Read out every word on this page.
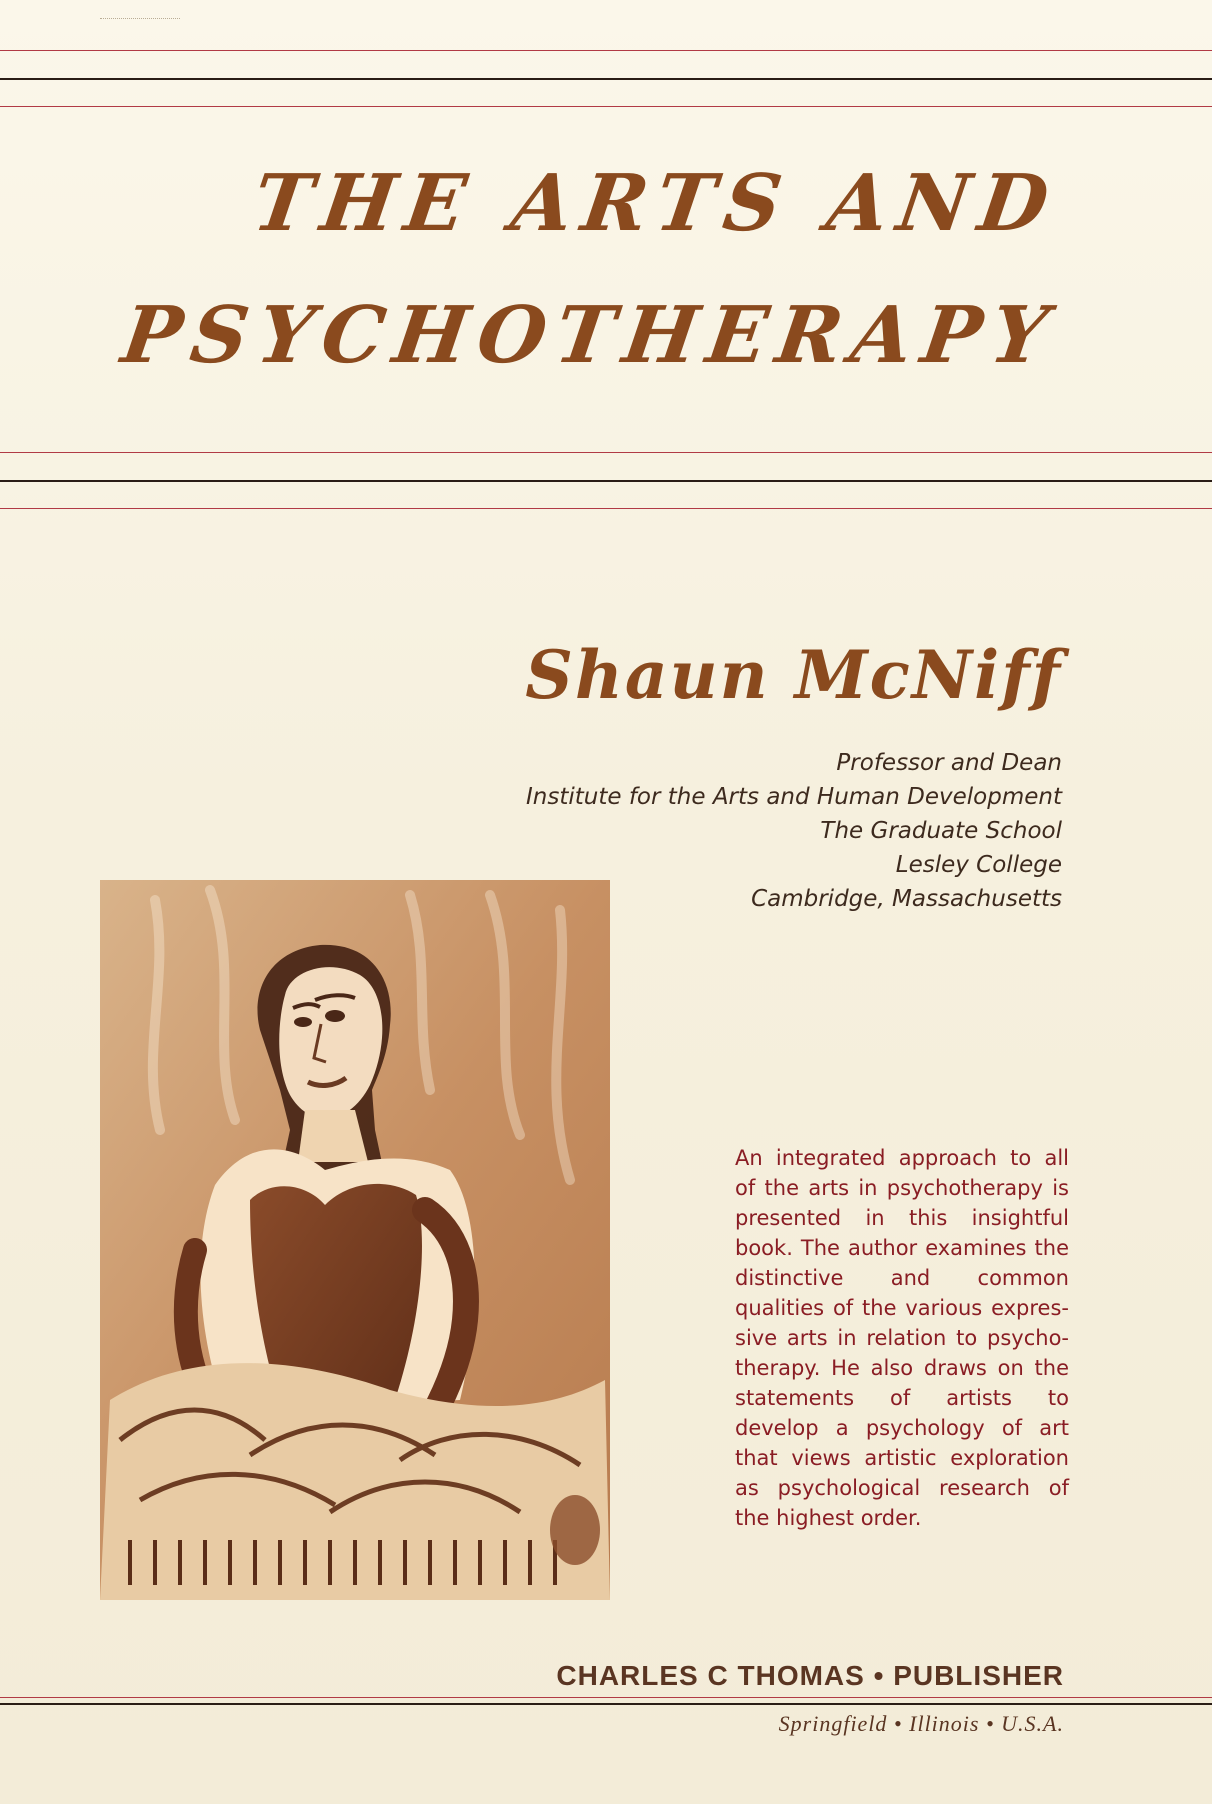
THE ARTS AND
PSYCHOTHERAPY
Shaun McNiff
Professor and Dean
Institute for the Arts and Human Development
The Graduate School
Lesley College
Cambridge, Massachusetts

An integrated approach to all of the arts in psychotherapy is presented in this insightful book. The author examines the distinctive and common qualities of the various expressive arts in relation to psychotherapy. He also draws on the statements of artists to develop a psychology of art that views artistic exploration as psychological research of the highest order.

CHARLES C THOMAS • PUBLISHER

Springfield • Illinois • U.S.A.
